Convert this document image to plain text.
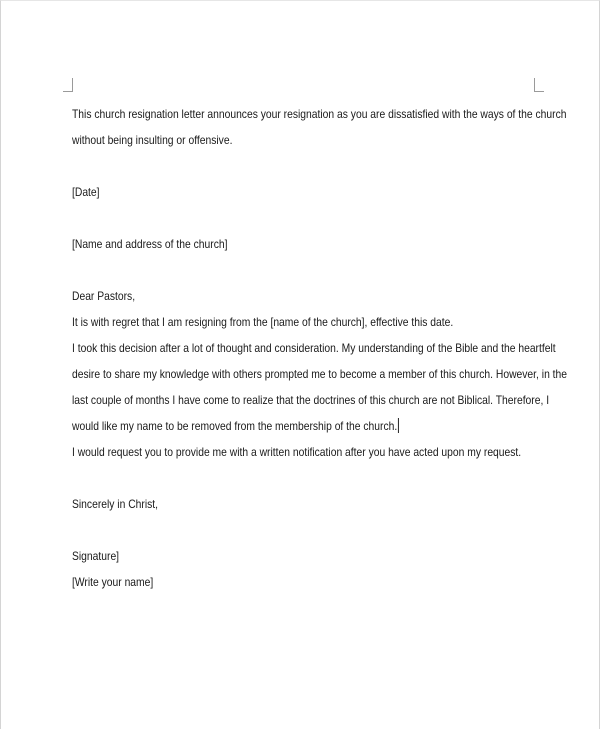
This church resignation letter announces your resignation as you are dissatisfied with the ways of the church
without being insulting or offensive.
[Date]
[Name and address of the church]
Dear Pastors,
It is with regret that I am resigning from the [name of the church], effective this date.
I took this decision after a lot of thought and consideration. My understanding of the Bible and the heartfelt
desire to share my knowledge with others prompted me to become a member of this church. However, in the
last couple of months I have come to realize that the doctrines of this church are not Biblical. Therefore, I
would like my name to be removed from the membership of the church.
I would request you to provide me with a written notification after you have acted upon my request.
Sincerely in Christ,
Signature]
[Write your name]
